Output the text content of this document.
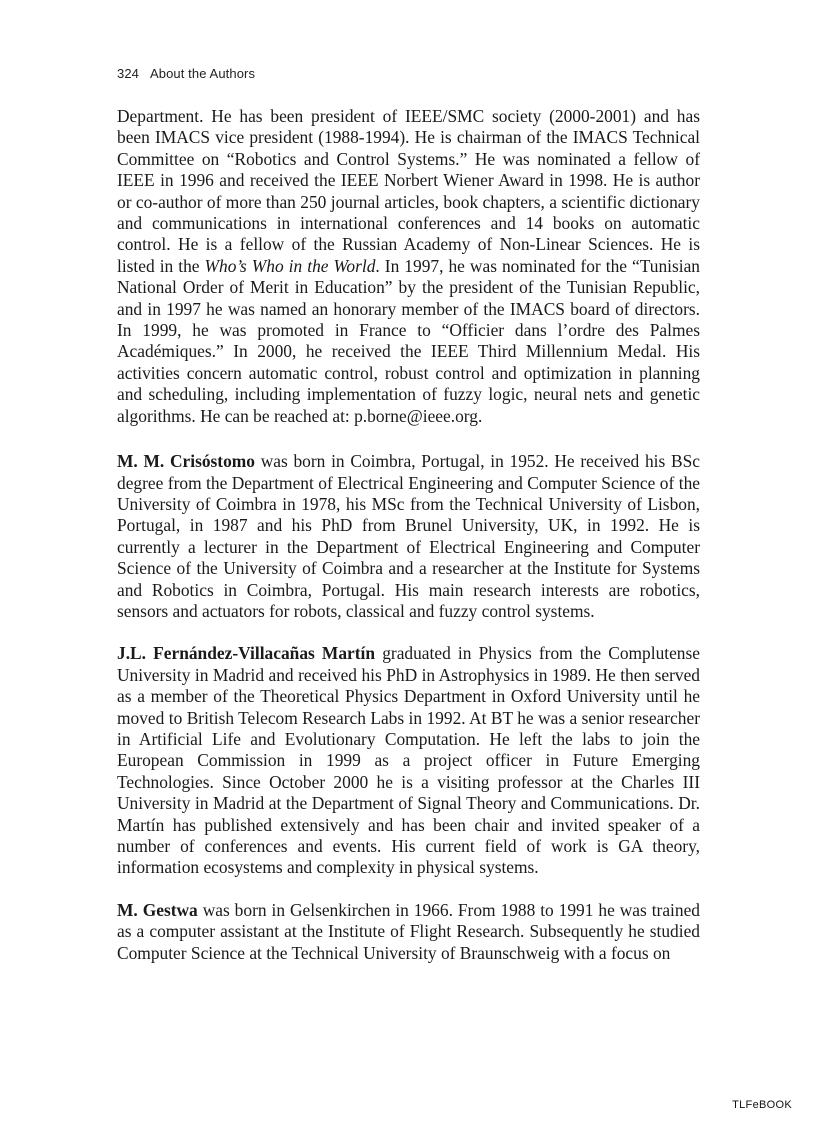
324 About the Authors

Department. He has been president of IEEE/SMC society (2000-2001) and has been IMACS vice president (1988-1994). He is chairman of the IMACS Technical Committee on “Robotics and Control Systems.” He was nominated a fellow of IEEE in 1996 and received the IEEE Norbert Wiener Award in 1998. He is author or co-author of more than 250 journal articles, book chapters, a scientific dictionary and communications in international conferences and 14 books on automatic control. He is a fellow of the Russian Academy of Non-Linear Sciences. He is listed in the Who’s Who in the World. In 1997, he was nominated for the “Tunisian National Order of Merit in Education” by the president of the Tunisian Republic, and in 1997 he was named an honorary member of the IMACS board of directors. In 1999, he was promoted in France to “Officier dans l’ordre des Palmes Académiques.” In 2000, he received the IEEE Third Millennium Medal. His activities concern automatic control, robust control and optimization in planning and scheduling, including implementation of fuzzy logic, neural nets and genetic algorithms. He can be reached at: p.borne@ieee.org.

M. M. Crisóstomo was born in Coimbra, Portugal, in 1952. He received his BSc degree from the Department of Electrical Engineering and Computer Science of the University of Coimbra in 1978, his MSc from the Technical University of Lisbon, Portugal, in 1987 and his PhD from Brunel University, UK, in 1992. He is currently a lecturer in the Department of Electrical Engineering and Computer Science of the University of Coimbra and a researcher at the Institute for Systems and Robotics in Coimbra, Portugal. His main research interests are robotics, sensors and actuators for robots, classical and fuzzy control systems.

J.L. Fernández-Villacañas Martín graduated in Physics from the Complutense University in Madrid and received his PhD in Astrophysics in 1989. He then served as a member of the Theoretical Physics Department in Oxford University until he moved to British Telecom Research Labs in 1992. At BT he was a senior researcher in Artificial Life and Evolutionary Computation. He left the labs to join the European Commission in 1999 as a project officer in Future Emerging Technologies. Since October 2000 he is a visiting professor at the Charles III University in Madrid at the Department of Signal Theory and Communications. Dr. Martín has published extensively and has been chair and invited speaker of a number of conferences and events. His current field of work is GA theory, information ecosystems and complexity in physical systems.

M. Gestwa was born in Gelsenkirchen in 1966. From 1988 to 1991 he was trained as a computer assistant at the Institute of Flight Research. Subsequently he studied Computer Science at the Technical University of Braunschweig with a focus on

TLFeBOOK
